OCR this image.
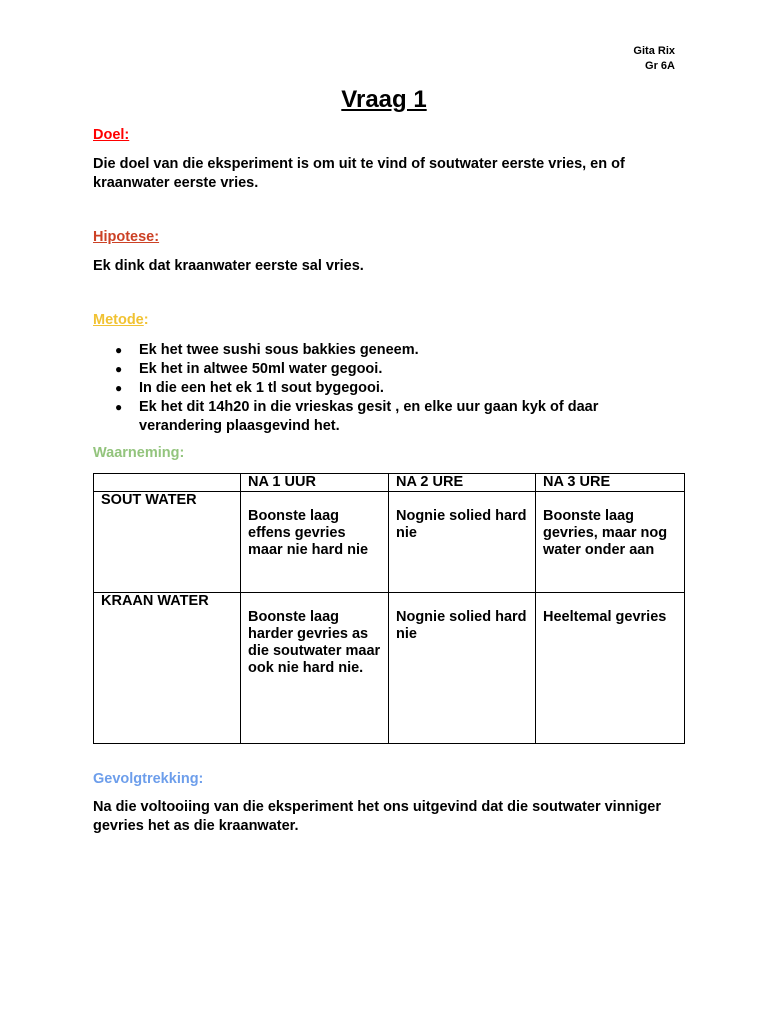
Gita Rix
Gr 6A
Vraag 1

Doel:

Die doel van die eksperiment is om uit te vind of soutwater eerste vries, en of kraanwater eerste vries.

Hipotese:

Ek dink dat kraanwater eerste sal vries.

Metode:

● Ek het twee sushi sous bakkies geneem.
● Ek het in altwee 50ml water gegooi.
● In die een het ek 1 tl sout bygegooi.
● Ek het dit 14h20 in die vrieskas gesit , en elke uur gaan kyk of daar verandering plaasgevind het.

Waarneming:

	NA 1 UUR	NA 2 URE	NA 3 URE
SOUT WATER	Boonste laag effens gevries maar nie hard nie	Nognie solied hard nie	Boonste laag gevries, maar nog water onder aan

KRAAN WATER	Boonste laag harder gevries as die soutwater maar ook nie hard nie.	Nognie solied hard nie	Heeltemal gevries

Gevolgtrekking:

Na die voltooiing van die eksperiment het ons uitgevind dat die soutwater vinniger gevries het as die kraanwater.
